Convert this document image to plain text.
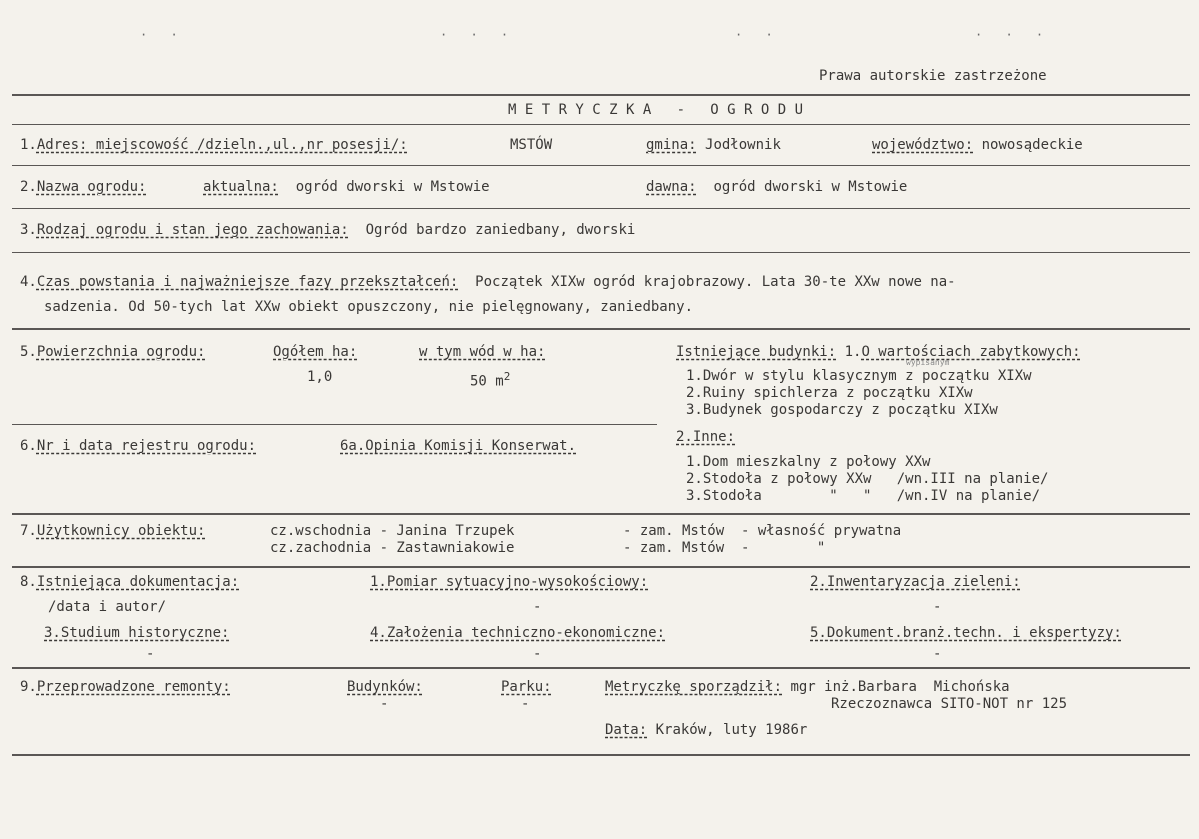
· ·	· · ·	· ·	· · ·
Prawa autorskie zastrzeżone
M E T R Y C Z K A   -   O G R O D U
1.Adres: miejscowość /dzieln.,ul.,nr posesji/:	MSTÓW	gmina: Jodłownik	województwo: nowosądeckie
2.Nazwa ogrodu:	aktualna: ogród dworski w Mstowie	dawna: ogród dworski w Mstowie
3.Rodzaj ogrodu i stan jego zachowania: Ogród bardzo zaniedbany, dworski
4.Czas powstania i najważniejsze fazy przekształceń: Początek XIXw ogród krajobrazowy. Lata 30-te XXw nowe na-
sadzenia. Od 50-tych lat XXw obiekt opuszczony, nie pielęgnowany, zaniedbany.
5.Powierzchnia ogrodu:	Ogółem ha:
1,0
w tym wód w ha:
50 $m^2$
Istniejące budynki: 1.O wartościach zabytkowych:
wypisanym
1.Dwór w stylu klasycznym z początku XIXw
2.Ruiny spichlerza z początku XIXw
3.Budynek gospodarczy z początku XIXw
2.Inne:
1.Dom mieszkalny z połowy XXw
2.Stodoła z połowy XXw   /wn.III na planie/
3.Stodoła        "   "   /wn.IV na planie/
6.Nr i data rejestru ogrodu:	6a.Opinia Komisji Konserwat.
7.Użytkownicy obiektu:	cz.wschodnia - Janina Trzupek	- zam. Mstów  - własność prywatna
cz.zachodnia - Zastawniakowie	- zam. Mstów  -        "
8.Istniejąca dokumentacja:
/data i autor/
1.Pomiar sytuacyjno-wysokościowy:
-
2.Inwentaryzacja zieleni:
-
3.Studium historyczne:
-
4.Założenia techniczno-ekonomiczne:
-
5.Dokument.branż.techn. i ekspertyzy:
-
9.Przeprowadzone remonty:	Budynków:
-
Parku:
-
Metryczkę sporządził: mgr inż.Barbara  Michońska
Rzeczoznawca SITO-NOT nr 125
Data: Kraków, luty 1986r
